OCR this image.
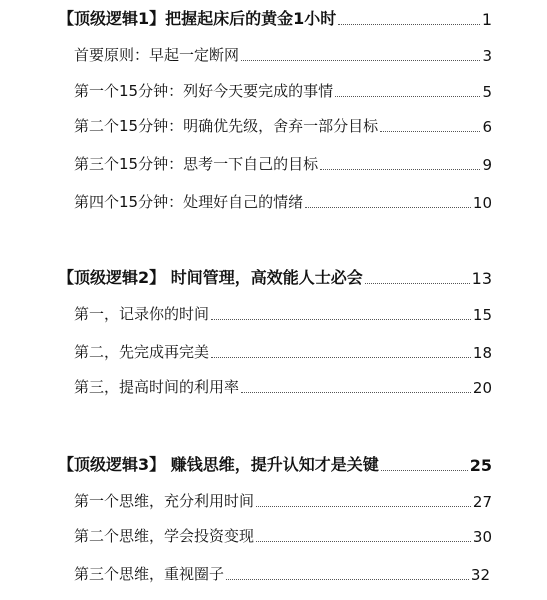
【顶级逻辑1】把握起床后的黄金1小时	1
首要原则：早起一定断网	3
第一个15分钟：列好今天要完成的事情	5
第二个15分钟：明确优先级，舍弃一部分目标	6
第三个15分钟：思考一下自己的目标	9
第四个15分钟：处理好自己的情绪	10
【顶级逻辑2】 时间管理，高效能人士必会	13
第一，记录你的时间	15
第二，先完成再完美	18
第三，提高时间的利用率	20
【顶级逻辑3】 赚钱思维，提升认知才是关键	25
第一个思维，充分利用时间	27
第二个思维，学会投资变现	30
第三个思维，重视圈子	32
